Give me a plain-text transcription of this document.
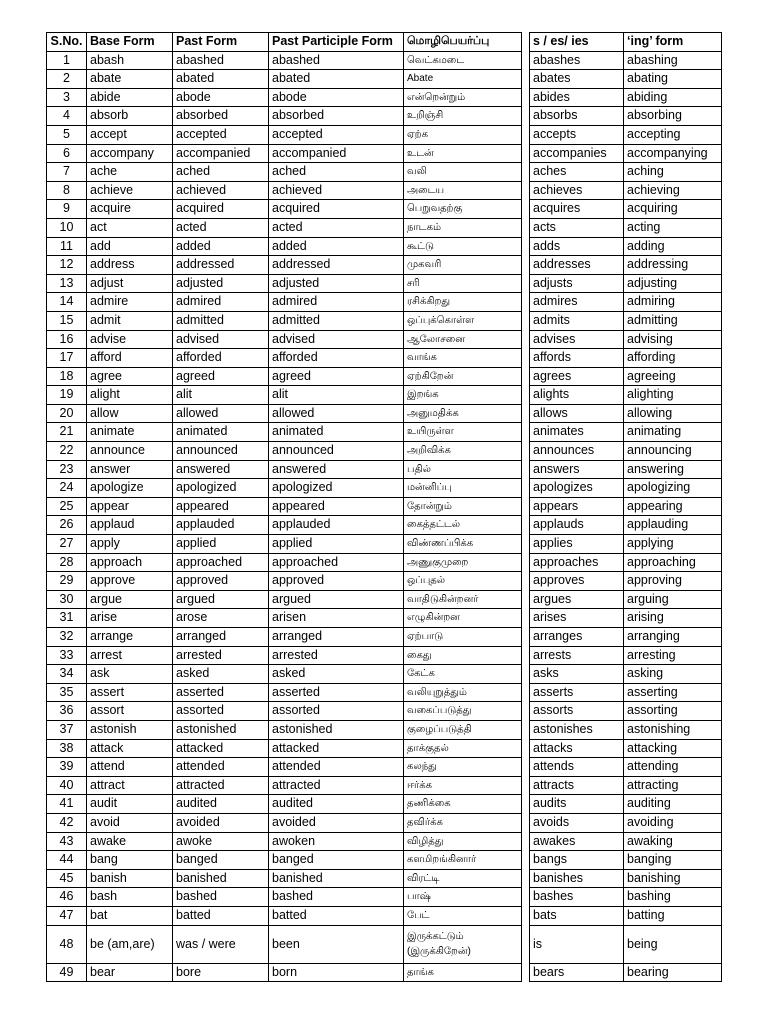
S.No.	Base Form	Past Form	Past Participle Form	மொழிபெயர்ப்பு
1	abash	abashed	abashed	வெட்கமடை
2	abate	abated	abated	Abate
3	abide	abode	abode	என்றென்றும்
4	absorb	absorbed	absorbed	உறிஞ்சி
5	accept	accepted	accepted	ஏற்க
6	accompany	accompanied	accompanied	உடன்
7	ache	ached	ached	வலி
8	achieve	achieved	achieved	அடைய
9	acquire	acquired	acquired	பெறுவதற்கு
10	act	acted	acted	நாடகம்
11	add	added	added	கூட்டு
12	address	addressed	addressed	முகவரி
13	adjust	adjusted	adjusted	சரி
14	admire	admired	admired	ரசிக்கிறது
15	admit	admitted	admitted	ஒப்புக்கொள்ள
16	advise	advised	advised	ஆலோசனை
17	afford	afforded	afforded	வாங்க
18	agree	agreed	agreed	ஏற்கிறேன்
19	alight	alit	alit	இறங்க
20	allow	allowed	allowed	அனுமதிக்க
21	animate	animated	animated	உயிருள்ள
22	announce	announced	announced	அறிவிக்க
23	answer	answered	answered	பதில்
24	apologize	apologized	apologized	மன்னிப்பு
25	appear	appeared	appeared	தோன்றும்
26	applaud	applauded	applauded	கைத்தட்டல்
27	apply	applied	applied	விண்ணப்பிக்க
28	approach	approached	approached	அணுகுமுறை
29	approve	approved	approved	ஒப்புதல்
30	argue	argued	argued	வாதிடுகின்றனர்
31	arise	arose	arisen	எழுகின்றன
32	arrange	arranged	arranged	ஏற்பாடு
33	arrest	arrested	arrested	கைது
34	ask	asked	asked	கேட்க
35	assert	asserted	asserted	வலியுறுத்தும்
36	assort	assorted	assorted	வகைப்படுத்து
37	astonish	astonished	astonished	குழைப்படுத்தி
38	attack	attacked	attacked	தாக்குதல்
39	attend	attended	attended	கலந்து
40	attract	attracted	attracted	ஈர்க்க
41	audit	audited	audited	தணிக்கை
42	avoid	avoided	avoided	தவிர்க்க
43	awake	awoke	awoken	விழித்து
44	bang	banged	banged	களமிறங்கினார்
45	banish	banished	banished	விரட்டி
46	bash	bashed	bashed	பாஷ்
47	bat	batted	batted	பேட்
48	be (am,are)	was / were	been	இருக்கட்டும்
(இருக்கிறேன்)

49	bear	bore	born	தாங்க
s / es/ ies	‘ing’ form
abashes	abashing
abates	abating
abides	abiding
absorbs	absorbing
accepts	accepting
accompanies	accompanying
aches	aching
achieves	achieving
acquires	acquiring
acts	acting
adds	adding
addresses	addressing
adjusts	adjusting
admires	admiring
admits	admitting
advises	advising
affords	affording
agrees	agreeing
alights	alighting
allows	allowing
animates	animating
announces	announcing
answers	answering
apologizes	apologizing
appears	appearing
applauds	applauding
applies	applying
approaches	approaching
approves	approving
argues	arguing
arises	arising
arranges	arranging
arrests	arresting
asks	asking
asserts	asserting
assorts	assorting
astonishes	astonishing
attacks	attacking
attends	attending
attracts	attracting
audits	auditing
avoids	avoiding
awakes	awaking
bangs	banging
banishes	banishing
bashes	bashing
bats	batting
is	being
bears	bearing
